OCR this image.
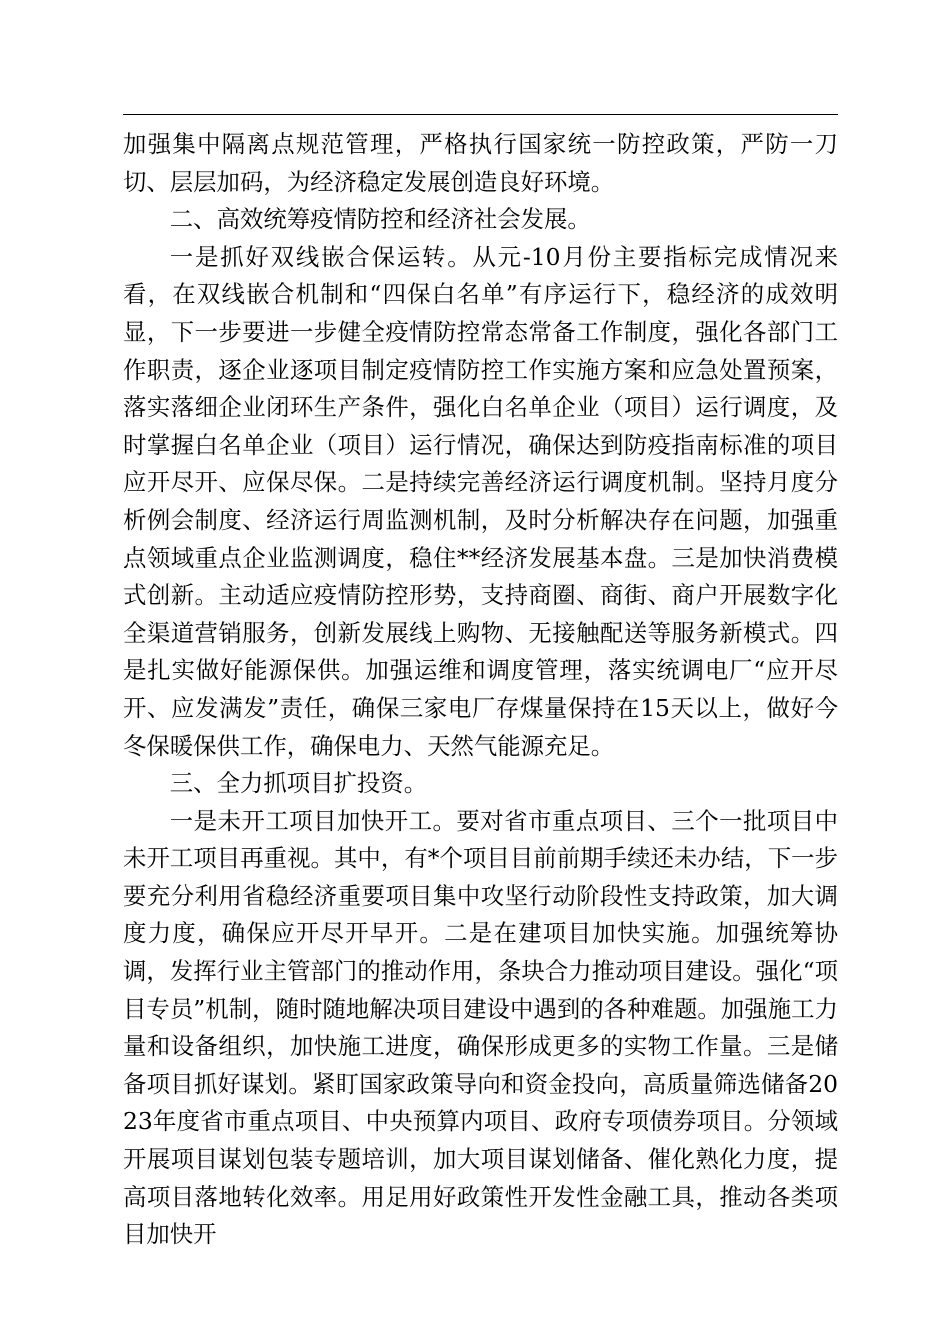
加强集中隔离点规范管理，严格执行国家统一防控政策，严防一刀切、层层加码，为经济稳定发展创造良好环境。

二、高效统筹疫情防控和经济社会发展。

一是抓好双线嵌合保运转。从元-10月份主要指标完成情况来看，在双线嵌合机制和“四保白名单”有序运行下，稳经济的成效明显，下一步要进一步健全疫情防控常态常备工作制度，强化各部门工作职责，逐企业逐项目制定疫情防控工作实施方案和应急处置预案，落实落细企业闭环生产条件，强化白名单企业（项目）运行调度，及时掌握白名单企业（项目）运行情况，确保达到防疫指南标准的项目应开尽开、应保尽保。二是持续完善经济运行调度机制。坚持月度分析例会制度、经济运行周监测机制，及时分析解决存在问题，加强重点领域重点企业监测调度，稳住**经济发展基本盘。三是加快消费模式创新。主动适应疫情防控形势，支持商圈、商街、商户开展数字化全渠道营销服务，创新发展线上购物、无接触配送等服务新模式。四是扎实做好能源保供。加强运维和调度管理，落实统调电厂“应开尽开、应发满发”责任，确保三家电厂存煤量保持在15天以上，做好今冬保暖保供工作，确保电力、天然气能源充足。

三、全力抓项目扩投资。

一是未开工项目加快开工。要对省市重点项目、三个一批项目中未开工项目再重视。其中，有*个项目目前前期手续还未办结，下一步要充分利用省稳经济重要项目集中攻坚行动阶段性支持政策，加大调度力度，确保应开尽开早开。二是在建项目加快实施。加强统筹协调，发挥行业主管部门的推动作用，条块合力推动项目建设。强化“项目专员”机制，随时随地解决项目建设中遇到的各种难题。加强施工力量和设备组织，加快施工进度，确保形成更多的实物工作量。三是储备项目抓好谋划。紧盯国家政策导向和资金投向，高质量筛选储备2023年度省市重点项目、中央预算内项目、政府专项债券项目。分领域开展项目谋划包装专题培训，加大项目谋划储备、催化熟化力度，提高项目落地转化效率。用足用好政策性开发性金融工具，推动各类项目加快开
